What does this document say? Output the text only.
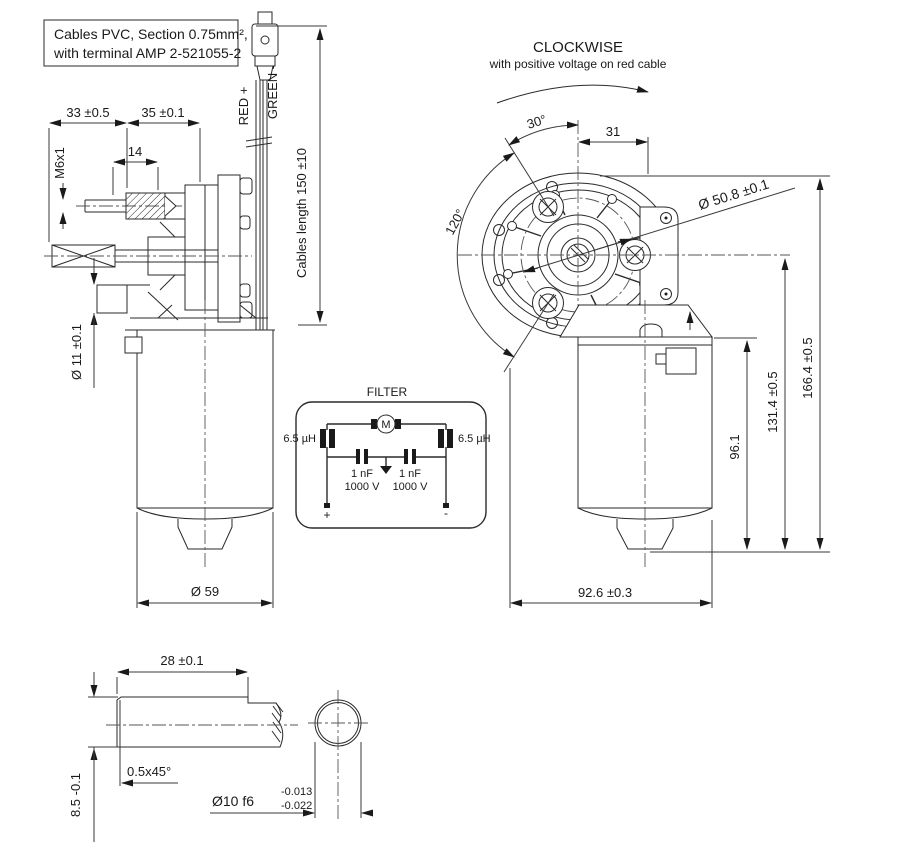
Cables PVC, Section 0.75mm²,
with terminal AMP 2-521055-2
RED + GREEN -
Cables length 150 ±10
33 ±0.5 35 ±0.1
14
M6x1
Ø 11 ±0.1
Ø 59
FILTER
M
6.5 µH	6.5 µH
1 nF
1000 V
1 nF
1000 V
+	-
CLOCKWISE
with positive voltage on red cable
30°
120°
31
Ø 50.8 ±0.1
166.4 ±0.5
131.4 ±0.5
96.1
92.6 ±0.3
28 ±0.1
0.5x45°
8.5 -0.1	Ø10 f6
-0.013
-0.022
